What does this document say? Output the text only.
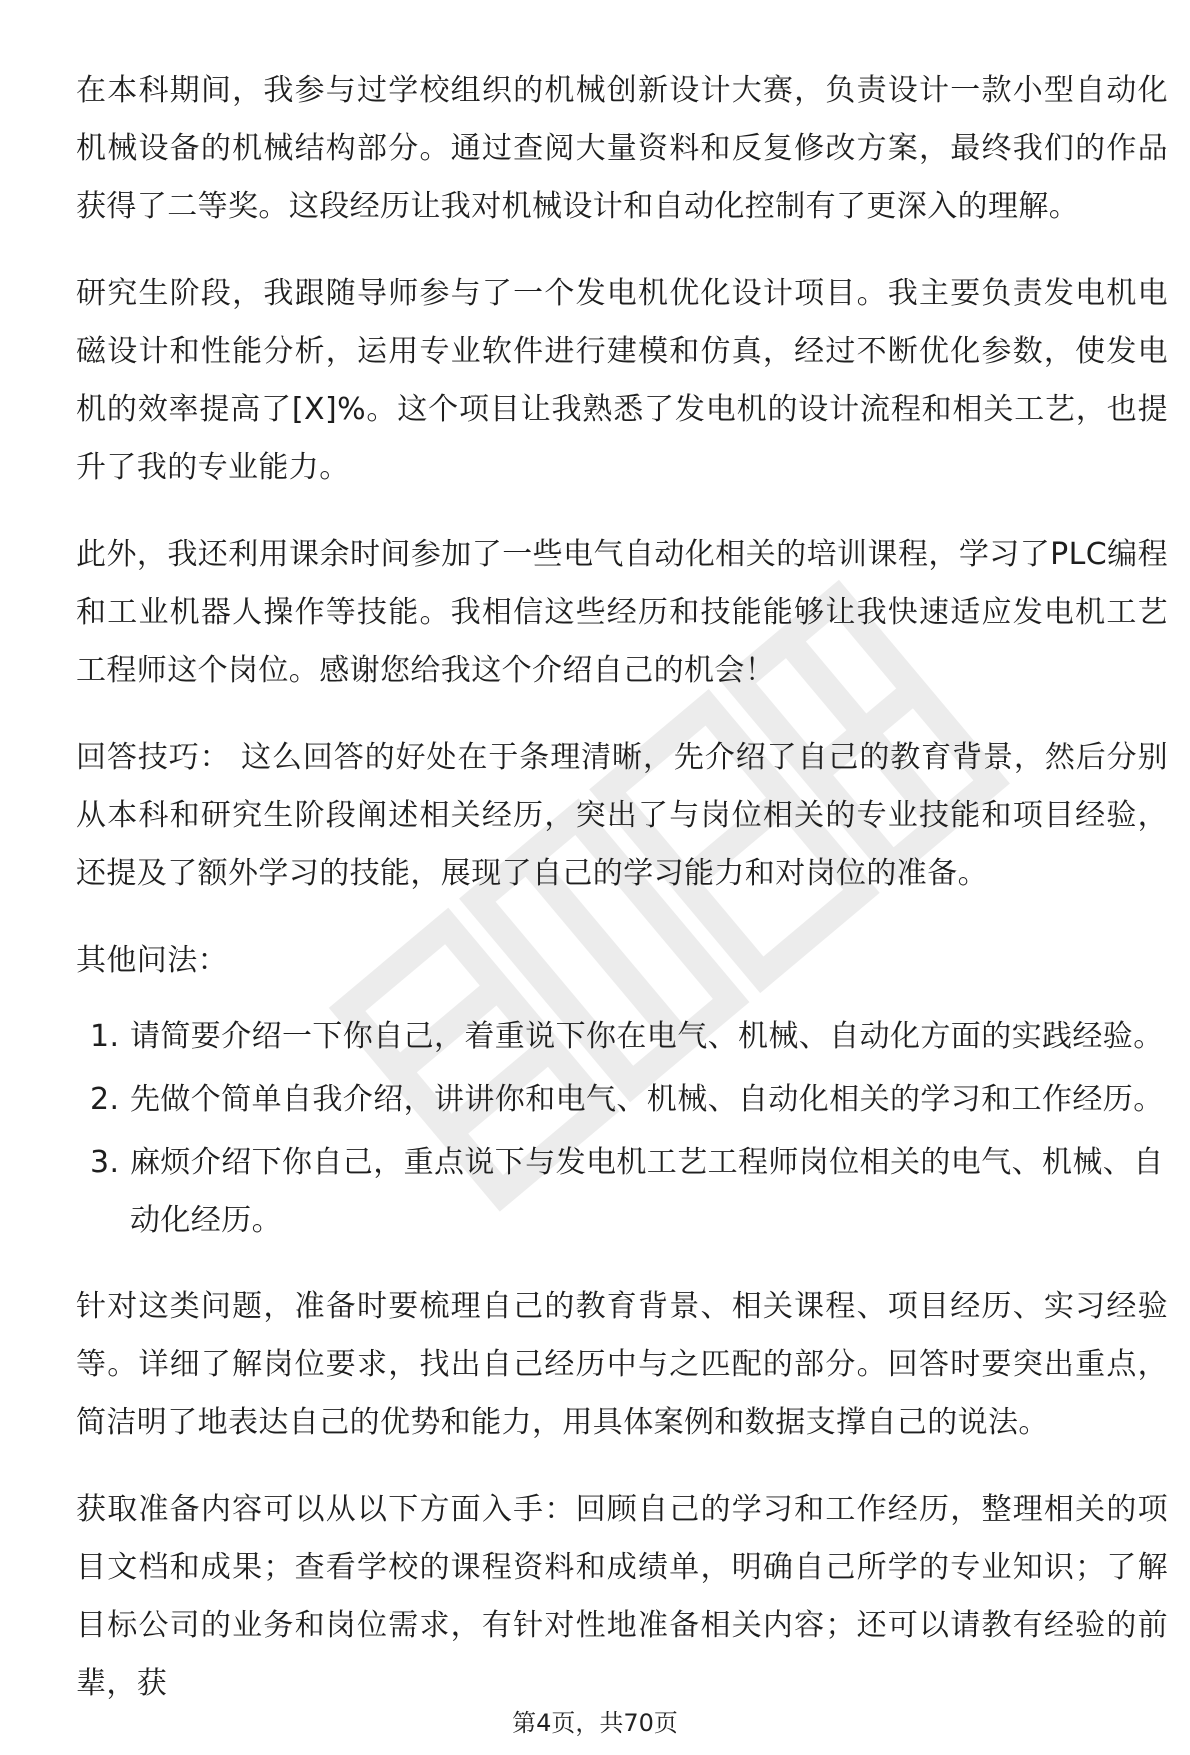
在本科期间，我参与过学校组织的机械创新设计大赛，负责设计一款小型自动化机械设备的机械结构部分。通过查阅大量资料和反复修改方案，最终我们的作品获得了二等奖。这段经历让我对机械设计和自动化控制有了更深入的理解。

研究生阶段，我跟随导师参与了一个发电机优化设计项目。我主要负责发电机电磁设计和性能分析，运用专业软件进行建模和仿真，经过不断优化参数，使发电机的效率提高了[X]%。这个项目让我熟悉了发电机的设计流程和相关工艺，也提升了我的专业能力。

此外，我还利用课余时间参加了一些电气自动化相关的培训课程，学习了PLC编程和工业机器人操作等技能。我相信这些经历和技能能够让我快速适应发电机工艺工程师这个岗位。感谢您给我这个介绍自己的机会！

回答技巧： 这么回答的好处在于条理清晰，先介绍了自己的教育背景，然后分别从本科和研究生阶段阐述相关经历，突出了与岗位相关的专业技能和项目经验，还提及了额外学习的技能，展现了自己的学习能力和对岗位的准备。

其他问法：

1. 请简要介绍一下你自己，着重说下你在电气、机械、自动化方面的实践经验。
2. 先做个简单自我介绍，讲讲你和电气、机械、自动化相关的学习和工作经历。
3. 麻烦介绍下你自己，重点说下与发电机工艺工程师岗位相关的电气、机械、自动化经历。

针对这类问题，准备时要梳理自己的教育背景、相关课程、项目经历、实习经验等。详细了解岗位要求，找出自己经历中与之匹配的部分。回答时要突出重点，简洁明了地表达自己的优势和能力，用具体案例和数据支撑自己的说法。

获取准备内容可以从以下方面入手：回顾自己的学习和工作经历，整理相关的项目文档和成果；查看学校的课程资料和成绩单，明确自己所学的专业知识；了解目标公司的业务和岗位需求，有针对性地准备相关内容；还可以请教有经验的前辈，获

第4页，共70页
